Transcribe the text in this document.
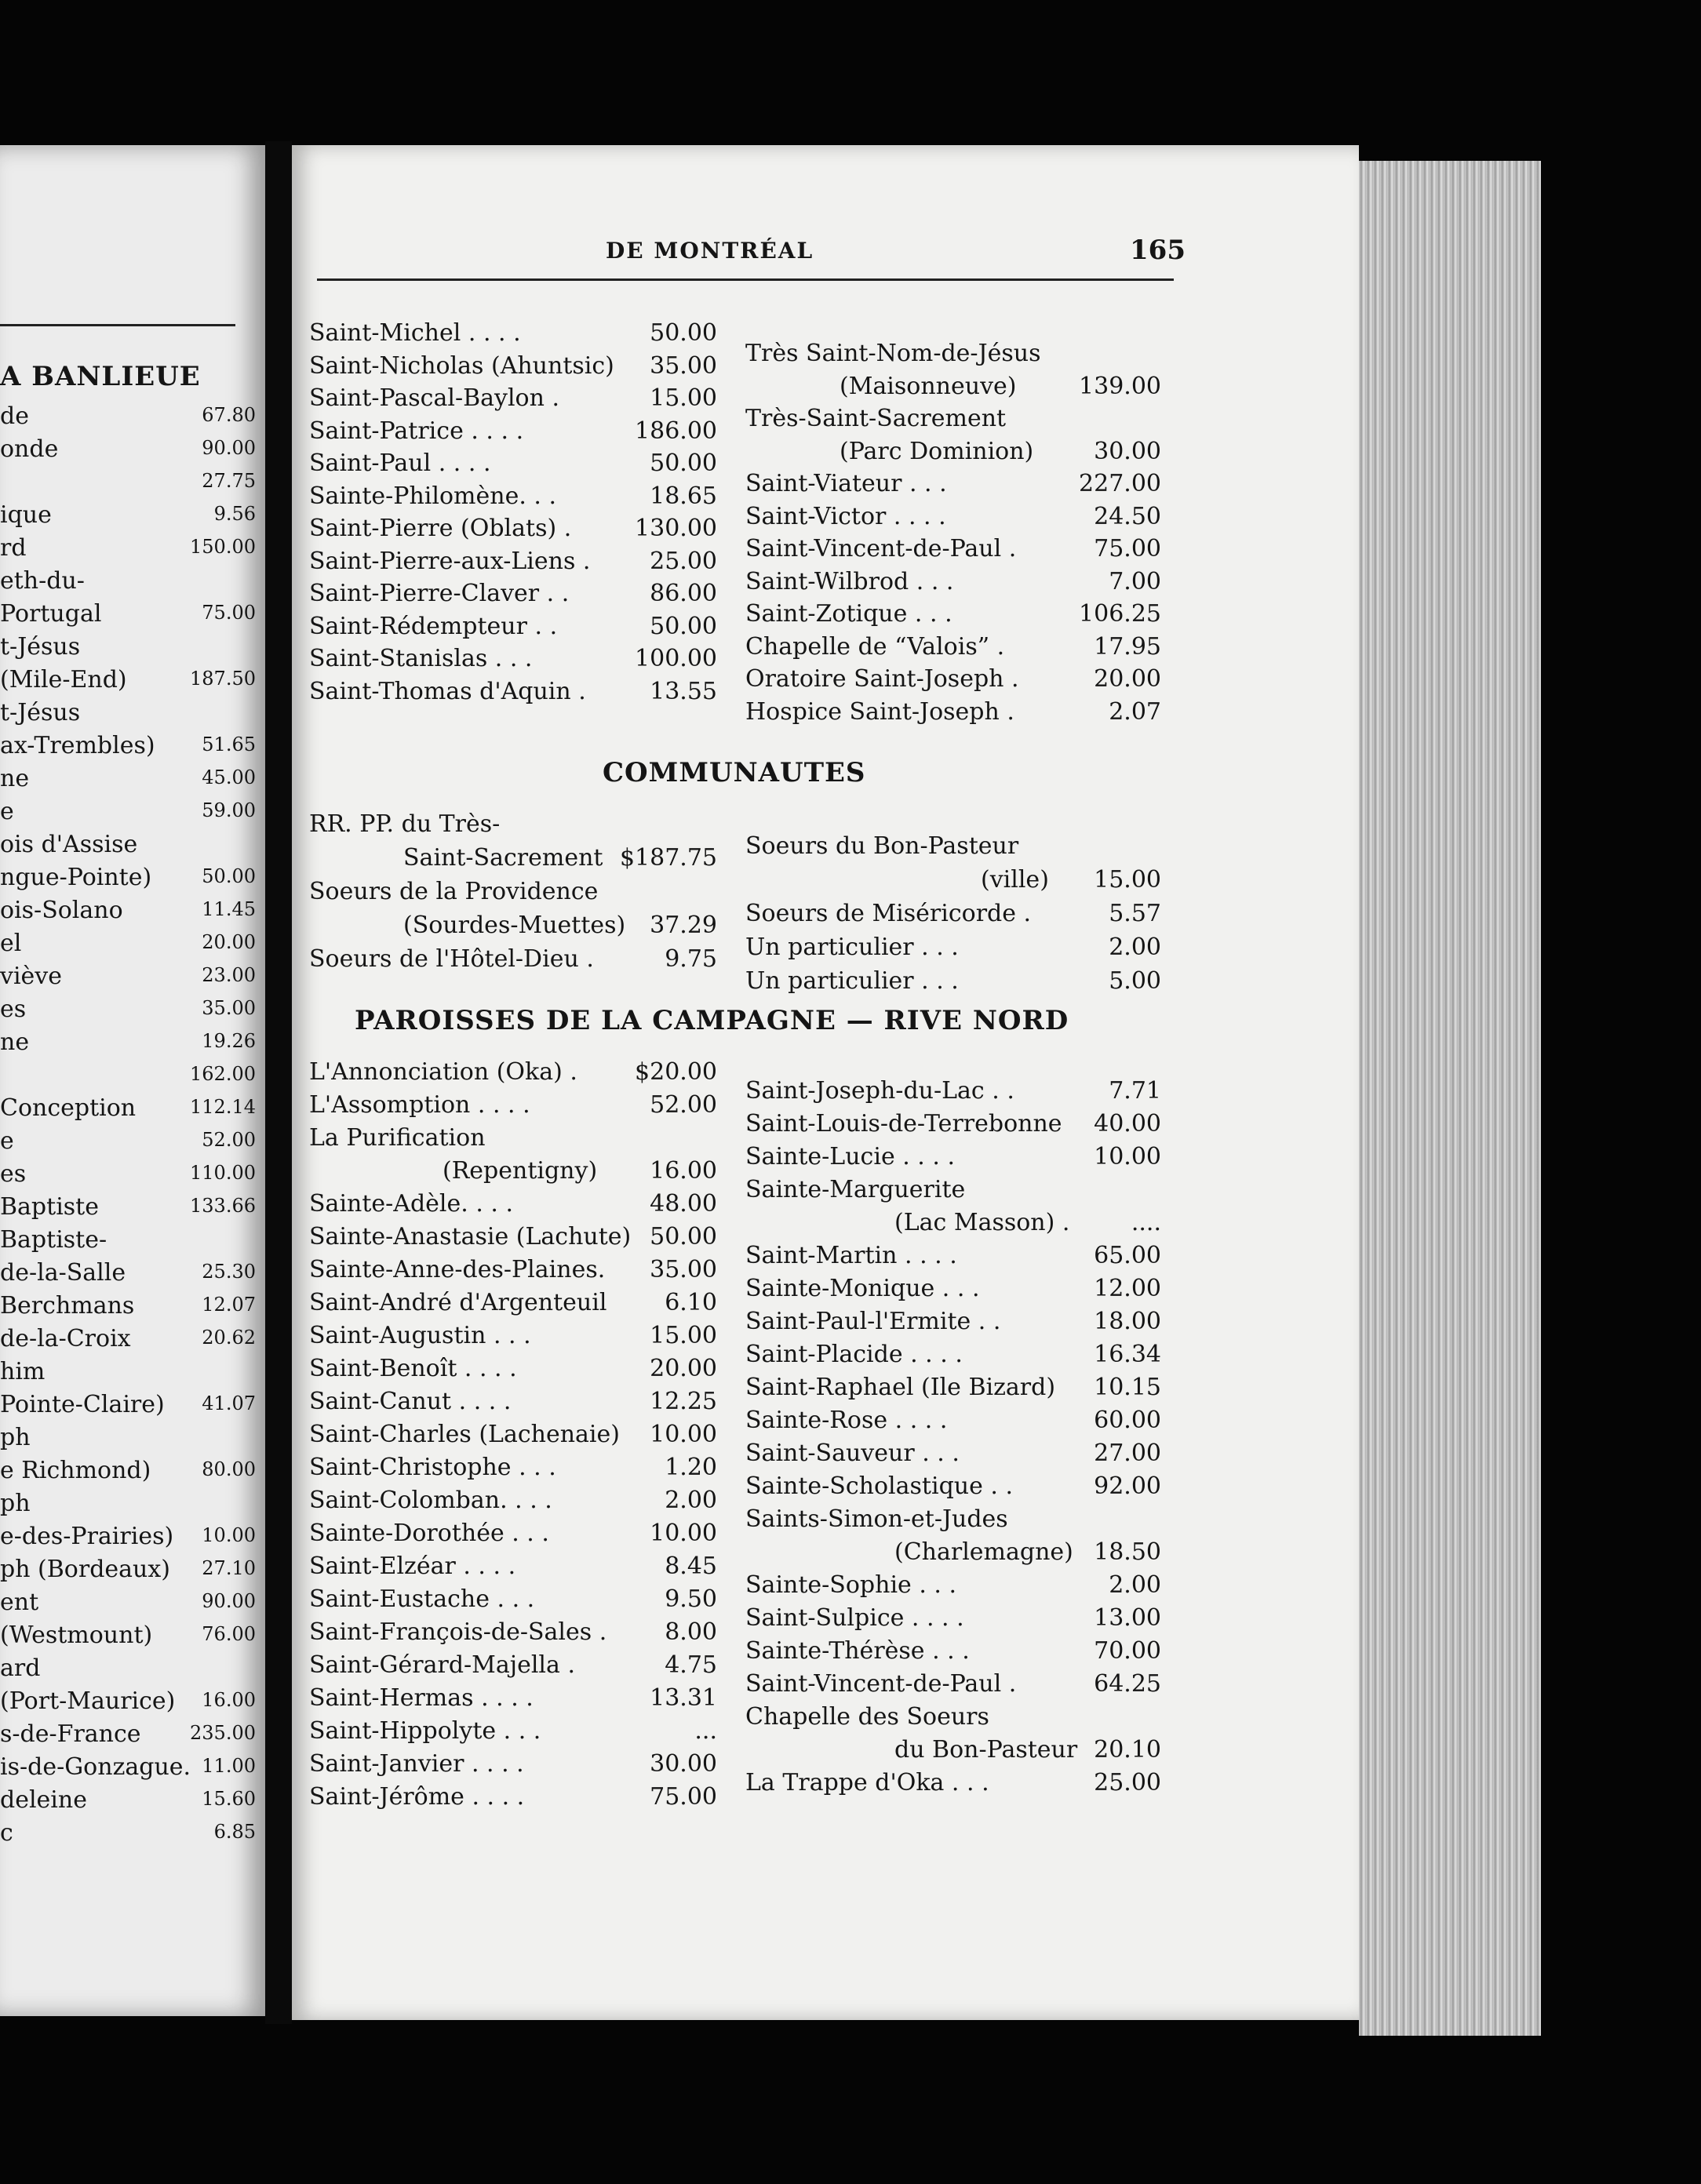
A BANLIEUE
de	67.80
onde	90.00
27.75
ique	9.56
rd	150.00
eth-du-
Portugal	75.00
t-Jésus
(Mile-End)	187.50
t-Jésus
ax-Trembles) 51.65
ne	45.00
e	59.00
ois d'Assise
ngue-Pointe)	50.00
ois-Solano	11.45
el	20.00
viève	23.00
es	35.00
ne	19.26
162.00
Conception	112.14
e	52.00
es	110.00
Baptiste	133.66
Baptiste-
de-la-Salle	25.30
Berchmans	12.07
de-la-Croix	20.62
him
Pointe-Claire) 41.07
ph
e Richmond)	80.00
ph
e-des-Prairies) 10.00
ph (Bordeaux) 27.10
ent	90.00
(Westmount)	76.00
ard
(Port-Maurice) 16.00
s-de-France	235.00
is-de-Gonzague. 11.00
deleine	15.60
c	6.85
DE MONTRÉAL	165
Saint-Michel . . . .	50.00
Saint-Nicholas (Ahuntsic) 35.00
Saint-Pascal-Baylon .	15.00
Saint-Patrice . . . .	186.00
Saint-Paul . . . .	50.00
Sainte-Philomène. . .	18.65
Saint-Pierre (Oblats) .	130.00
Saint-Pierre-aux-Liens .	25.00
Saint-Pierre-Claver . .	86.00
Saint-Rédempteur . .	50.00
Saint-Stanislas . . .	100.00
Saint-Thomas d'Aquin .	13.55
Très Saint-Nom-de-Jésus
(Maisonneuve)	139.00
Très-Saint-Sacrement
(Parc Dominion)	30.00
Saint-Viateur . . .	227.00
Saint-Victor . . . .	24.50
Saint-Vincent-de-Paul .	75.00
Saint-Wilbrod . . .	7.00
Saint-Zotique . . .	106.25
Chapelle de “Valois” .	17.95
Oratoire Saint-Joseph .	20.00
Hospice Saint-Joseph .	2.07
COMMUNAUTES
RR. PP. du Très-
Saint-Sacrement $187.75
Soeurs de la Providence
(Sourdes-Muettes) 37.29
Soeurs de l'Hôtel-Dieu .	9.75
Soeurs du Bon-Pasteur
(ville) 15.00
Soeurs de Miséricorde .	5.57
Un particulier . . .	2.00
Un particulier . . .	5.00
PAROISSES DE LA CAMPAGNE — RIVE NORD
L'Annonciation (Oka) . $20.00
L'Assomption . . . .	52.00
La Purification
(Repentigny) 16.00
Sainte-Adèle. . . .	48.00
Sainte-Anastasie (Lachute) 50.00
Sainte-Anne-des-Plaines. 35.00
Saint-André d'Argenteuil 6.10
Saint-Augustin . . .	15.00
Saint-Benoît . . . .	20.00
Saint-Canut . . . .	12.25
Saint-Charles (Lachenaie) 10.00
Saint-Christophe . . .	1.20
Saint-Colomban. . . .	2.00
Sainte-Dorothée . . .	10.00
Saint-Elzéar . . . .	8.45
Saint-Eustache . . .	9.50
Saint-François-de-Sales . 8.00
Saint-Gérard-Majella .	4.75
Saint-Hermas . . . .	13.31
Saint-Hippolyte . . .	...
Saint-Janvier . . . .	30.00
Saint-Jérôme . . . .	75.00
Saint-Joseph-du-Lac . .	7.71
Saint-Louis-de-Terrebonne 40.00
Sainte-Lucie . . . .	10.00
Sainte-Marguerite
(Lac Masson) .	....
Saint-Martin . . . .	65.00
Sainte-Monique . . .	12.00
Saint-Paul-l'Ermite . .	18.00
Saint-Placide . . . .	16.34
Saint-Raphael (Ile Bizard) 10.15
Sainte-Rose . . . .	60.00
Saint-Sauveur . . .	27.00
Sainte-Scholastique . .	92.00
Saints-Simon-et-Judes
(Charlemagne) 18.50
Sainte-Sophie . . .	2.00
Saint-Sulpice . . . .	13.00
Sainte-Thérèse . . .	70.00
Saint-Vincent-de-Paul .	64.25
Chapelle des Soeurs
du Bon-Pasteur 20.10
La Trappe d'Oka . . .	25.00
